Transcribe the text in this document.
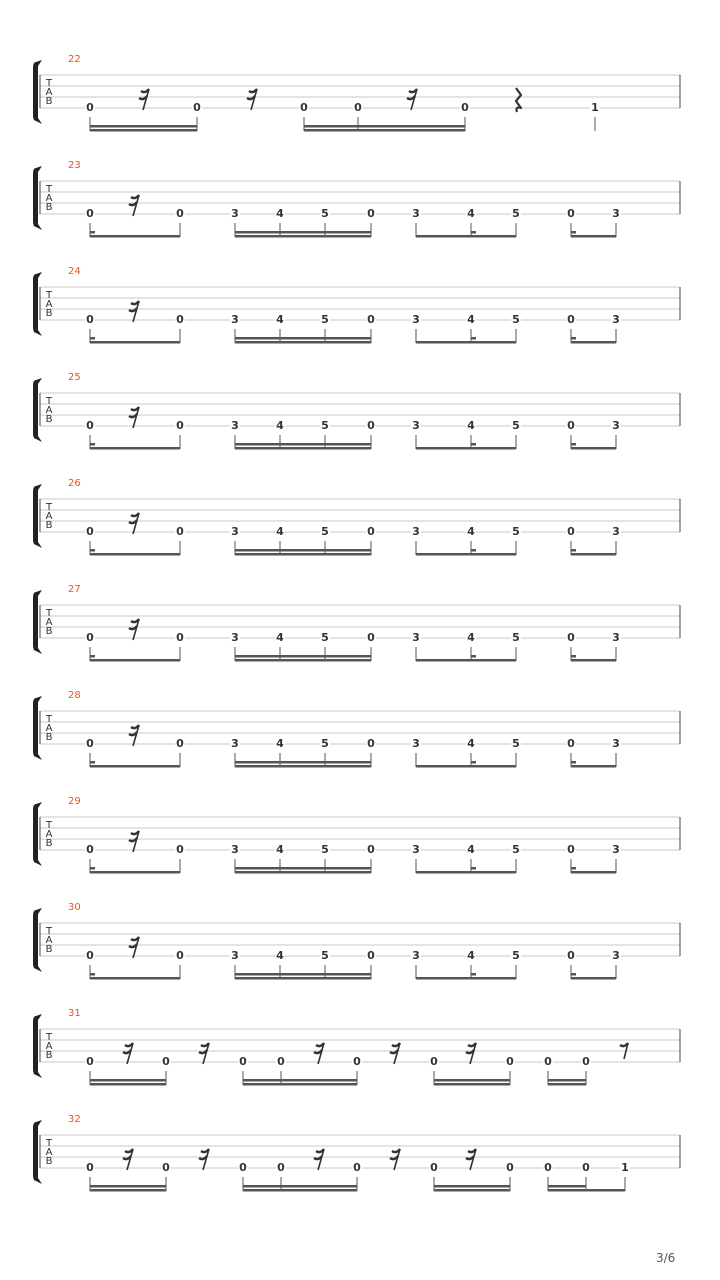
22
T
A
B	0	0	0	0	0	1
23
T
A
B	0	0	3	4	5	0	3	4	5	0	3
24
T
A
B	0	0	3	4	5	0	3	4	5	0	3
25
T
A
B	0	0	3	4	5	0	3	4	5	0	3
26
T
A
B	0	0	3	4	5	0	3	4	5	0	3
27
T
A
B	0	0	3	4	5	0	3	4	5	0	3
28
T
A
B	0	0	3	4	5	0	3	4	5	0	3
29
T
A
B	0	0	3	4	5	0	3	4	5	0	3
30
T
A
B	0	0	3	4	5	0	3	4	5	0	3
31
T
A
B	0	0	0	0	0	0	0	0	0
32
T
A
B	0	0	0	0	0	0	0	0	0	1
3/6
